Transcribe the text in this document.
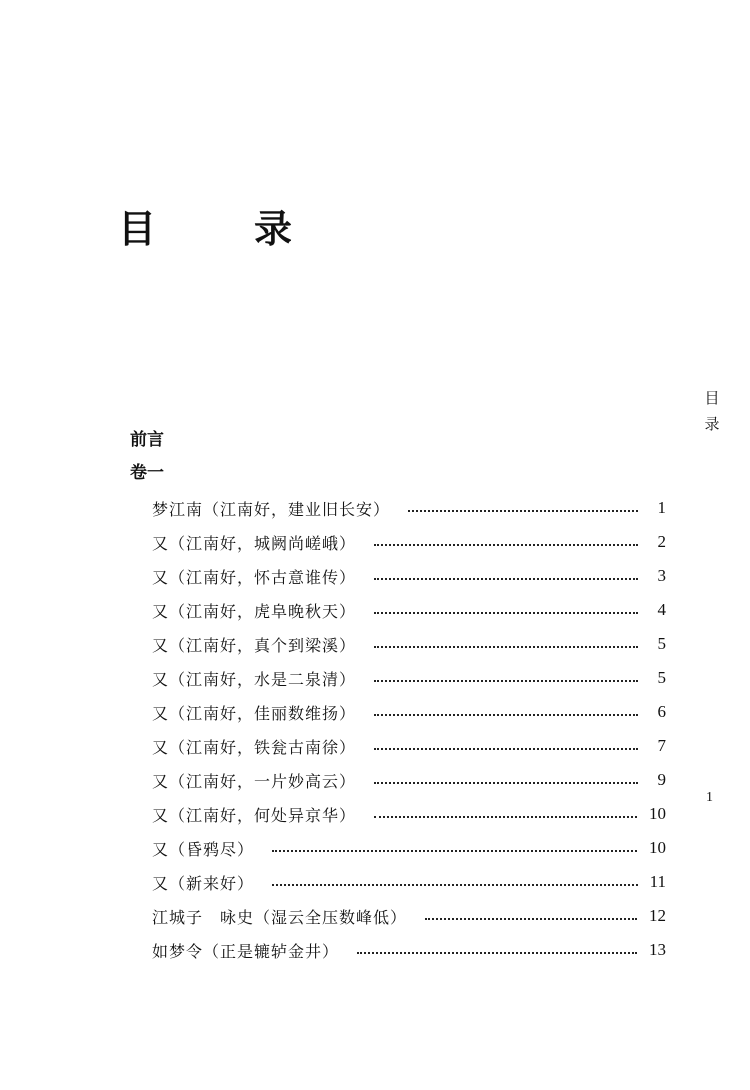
目　录
目
录
1
前言
卷一
梦江南（江南好，建业旧长安）	1
又（江南好，城阙尚嵯峨）	2
又（江南好，怀古意谁传）	3
又（江南好，虎阜晚秋天）	4
又（江南好，真个到梁溪）	5
又（江南好，水是二泉清）	5
又（江南好，佳丽数维扬）	6
又（江南好，铁瓮古南徐）	7
又（江南好，一片妙高云）	9
又（江南好，何处异京华）	10
又（昏鸦尽）	10
又（新来好）	11
江城子　咏史（湿云全压数峰低）	12
如梦令（正是辘轳金井）	13
